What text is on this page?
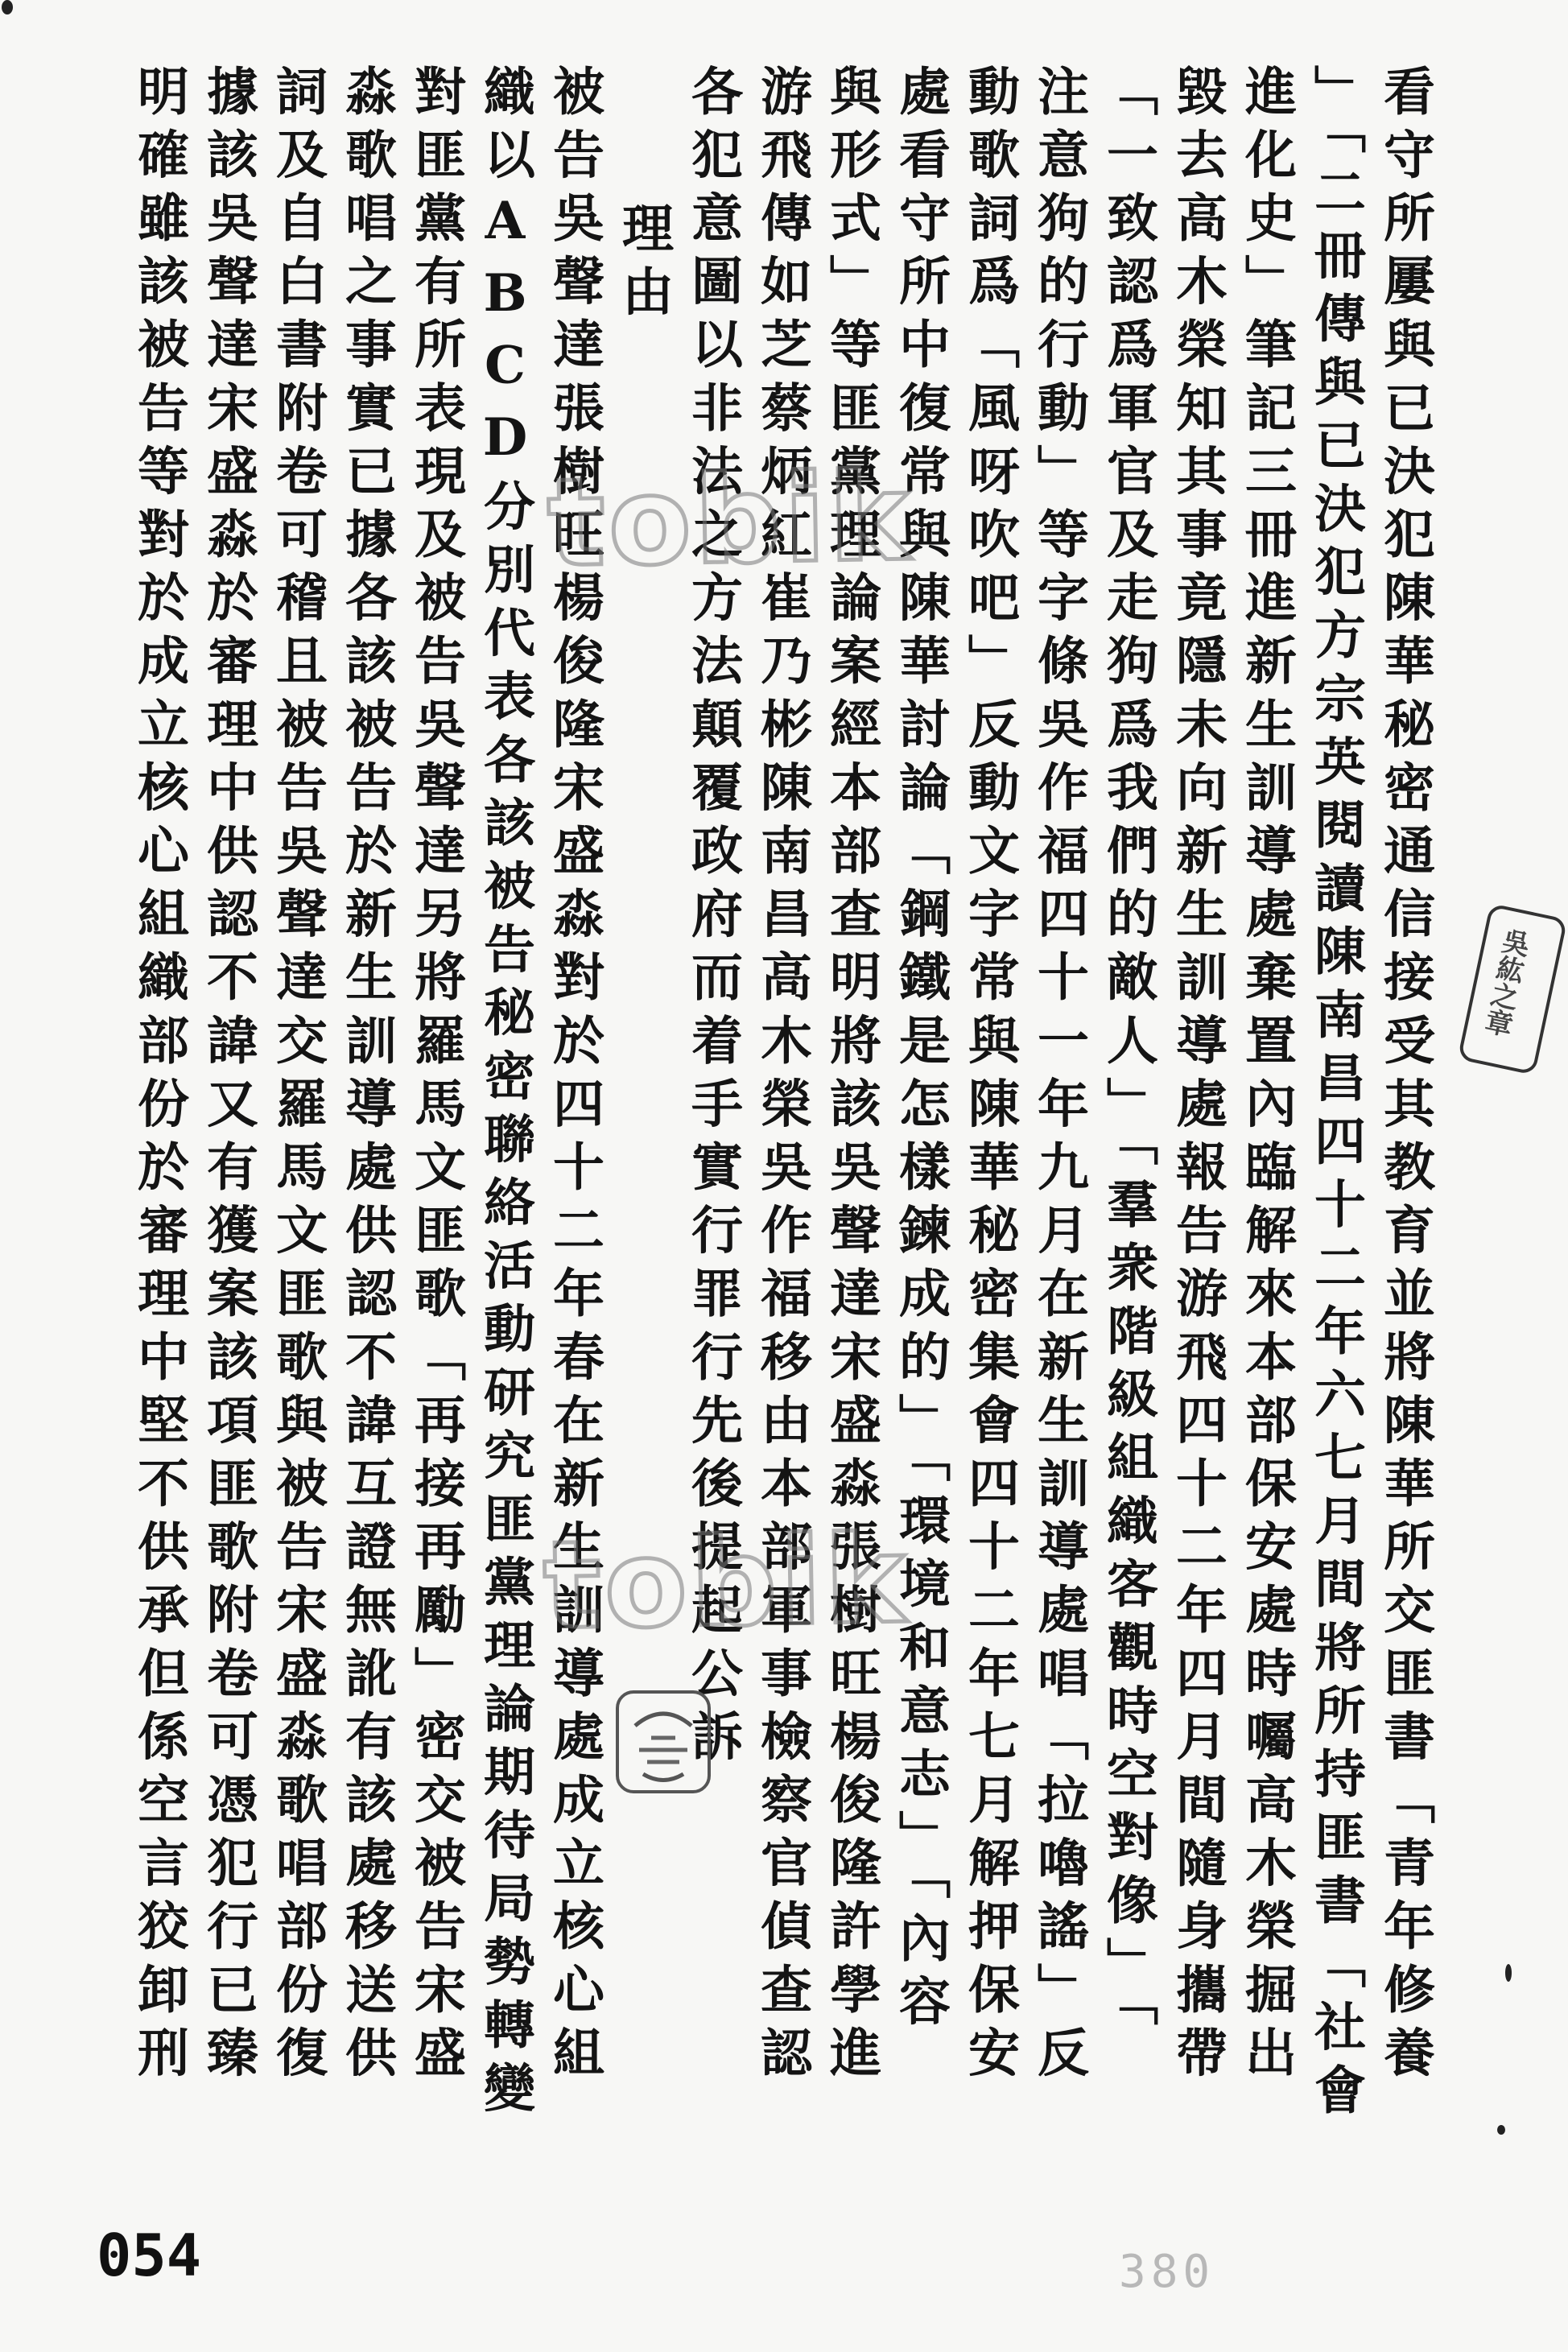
看守所屢與已決犯陳華秘密通信接受其教育並將陳華所交匪書「青年修養
」「二冊傳與已決犯方宗英閱讀陳南昌四十二年六七月間將所持匪書「社會
進化史」筆記三冊進新生訓導處棄置內臨解來本部保安處時囑高木榮掘出
毀去高木榮知其事竟隱未向新生訓導處報告游飛四十二年四月間隨身攜帶
「一致認爲軍官及走狗爲我們的敵人」「羣衆階級組織客觀時空對像」「
注意狗的行動」等字條吳作福四十一年九月在新生訓導處唱「拉嚕謠」反
動歌詞爲「風呀吹吧」反動文字常與陳華秘密集會四十二年七月解押保安
處看守所中復常與陳華討論「鋼鐵是怎樣鍊成的」「環境和意志」「內容
與形式」等匪黨理論案經本部查明將該吳聲達宋盛淼張樹旺楊俊隆許學進
游飛傳如芝蔡炳紅崔乃彬陳南昌高木榮吳作福移由本部軍事檢察官偵查認
各犯意圖以非法之方法顛覆政府而着手實行罪行先後提起公訴
理由
被告吳聲達張樹旺楊俊隆宋盛淼對於四十二年春在新生訓導處成立核心組
織以ABCD分別代表各該被告秘密聯絡活動研究匪黨理論期待局勢轉變
對匪黨有所表現及被告吳聲達另將羅馬文匪歌「再接再勵」密交被告宋盛
淼歌唱之事實已據各該被告於新生訓導處供認不諱互證無訛有該處移送供
詞及自白書附卷可稽且被告吳聲達交羅馬文匪歌與被告宋盛淼歌唱部份復
據該吳聲達宋盛淼於審理中供認不諱又有獲案該項匪歌附卷可憑犯行已臻
明確雖該被告等對於成立核心組織部份於審理中堅不供承但係空言狡卸刑	tobik
tobik
吳紘之章
054	380
